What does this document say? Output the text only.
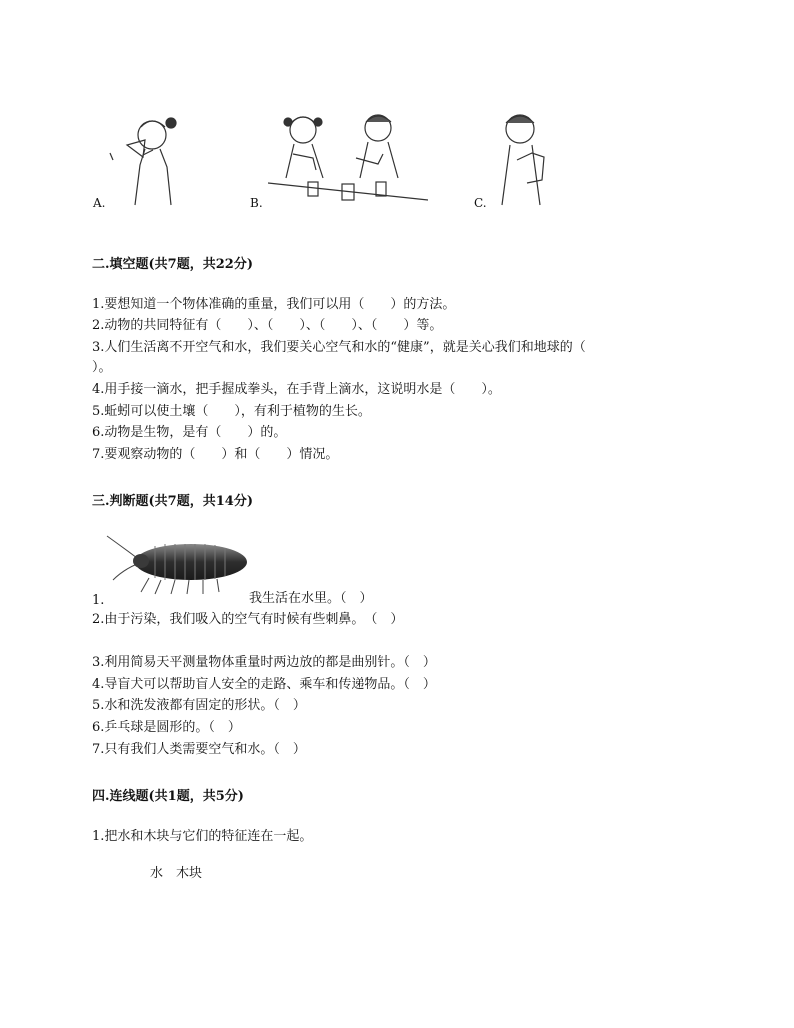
A.	B.	C.
二.填空题(共7题，共22分)
1.要想知道一个物体准确的重量，我们可以用（　　）的方法。
2.动物的共同特征有（　　）、（　　）、（　　）、（　　）等。
3.人们生活离不开空气和水，我们要关心空气和水的“健康”，就是关心我们和地球的（
）。
4.用手接一滴水，把手握成拳头，在手背上滴水，这说明水是（　　）。
5.蚯蚓可以使土壤（　　），有利于植物的生长。
6.动物是生物，是有（　　）的。
7.要观察动物的（　　）和（　　）情况。
三.判断题(共7题，共14分)
1.	我生活在水里。（　）
2.由于污染，我们吸入的空气有时候有些刺鼻。　（　）
3.利用简易天平测量物体重量时两边放的都是曲别针。（　）
4.导盲犬可以帮助盲人安全的走路、乘车和传递物品。（　）
5.水和洗发液都有固定的形状。（　）
6.乒乓球是圆形的。（　）
7.只有我们人类需要空气和水。（　）
四.连线题(共1题，共5分)
1.把水和木块与它们的特征连在一起。
水　木块
